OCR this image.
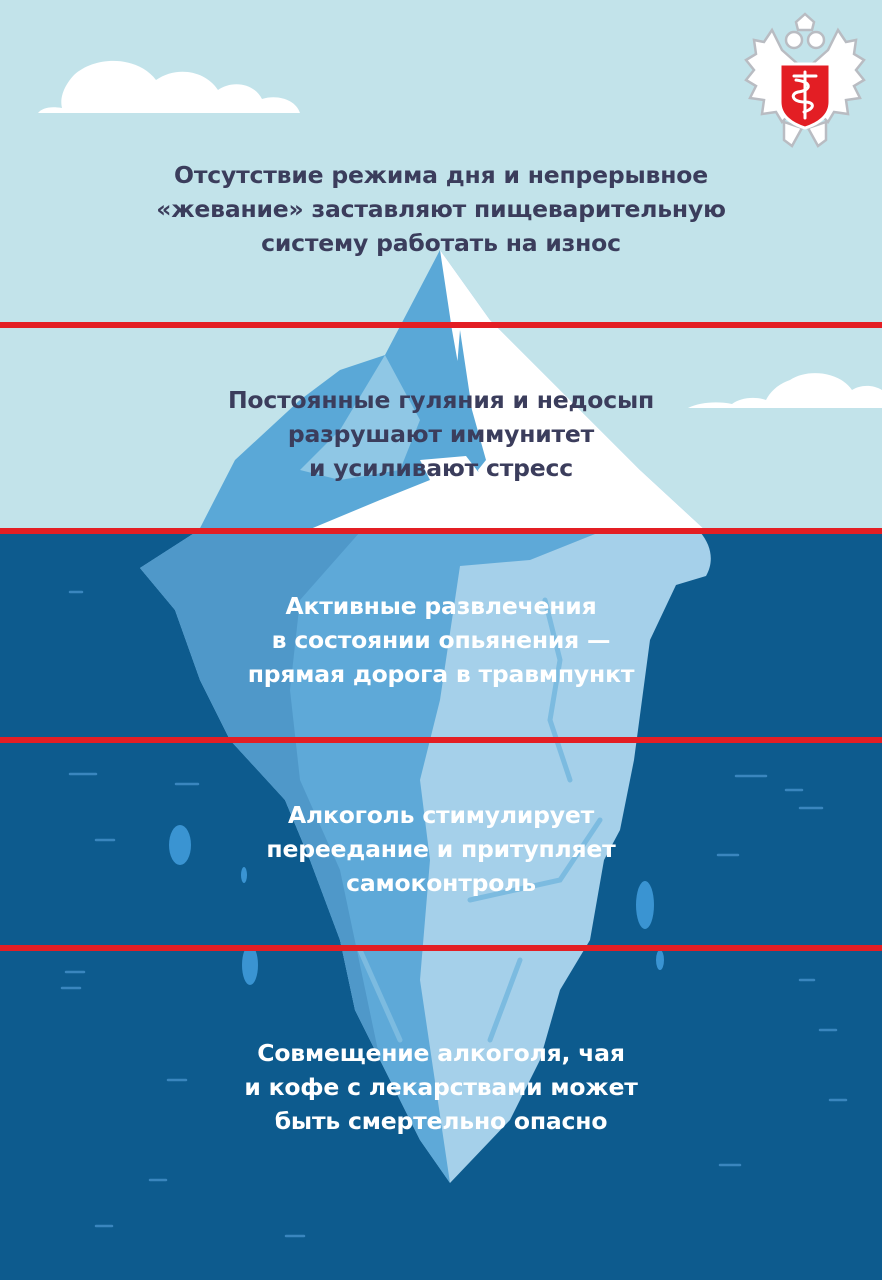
Отсутствие режима дня и непрерывное
«жевание» заставляют пищеварительную
систему работать на износ

Постоянные гуляния и недосып
разрушают иммунитет
и усиливают стресс

Активные развлечения
в состоянии опьянения —
прямая дорога в травмпункт

Алкоголь стимулирует
переедание и притупляет
самоконтроль

Совмещение алкоголя, чая
и кофе с лекарствами может
быть смертельно опасно
